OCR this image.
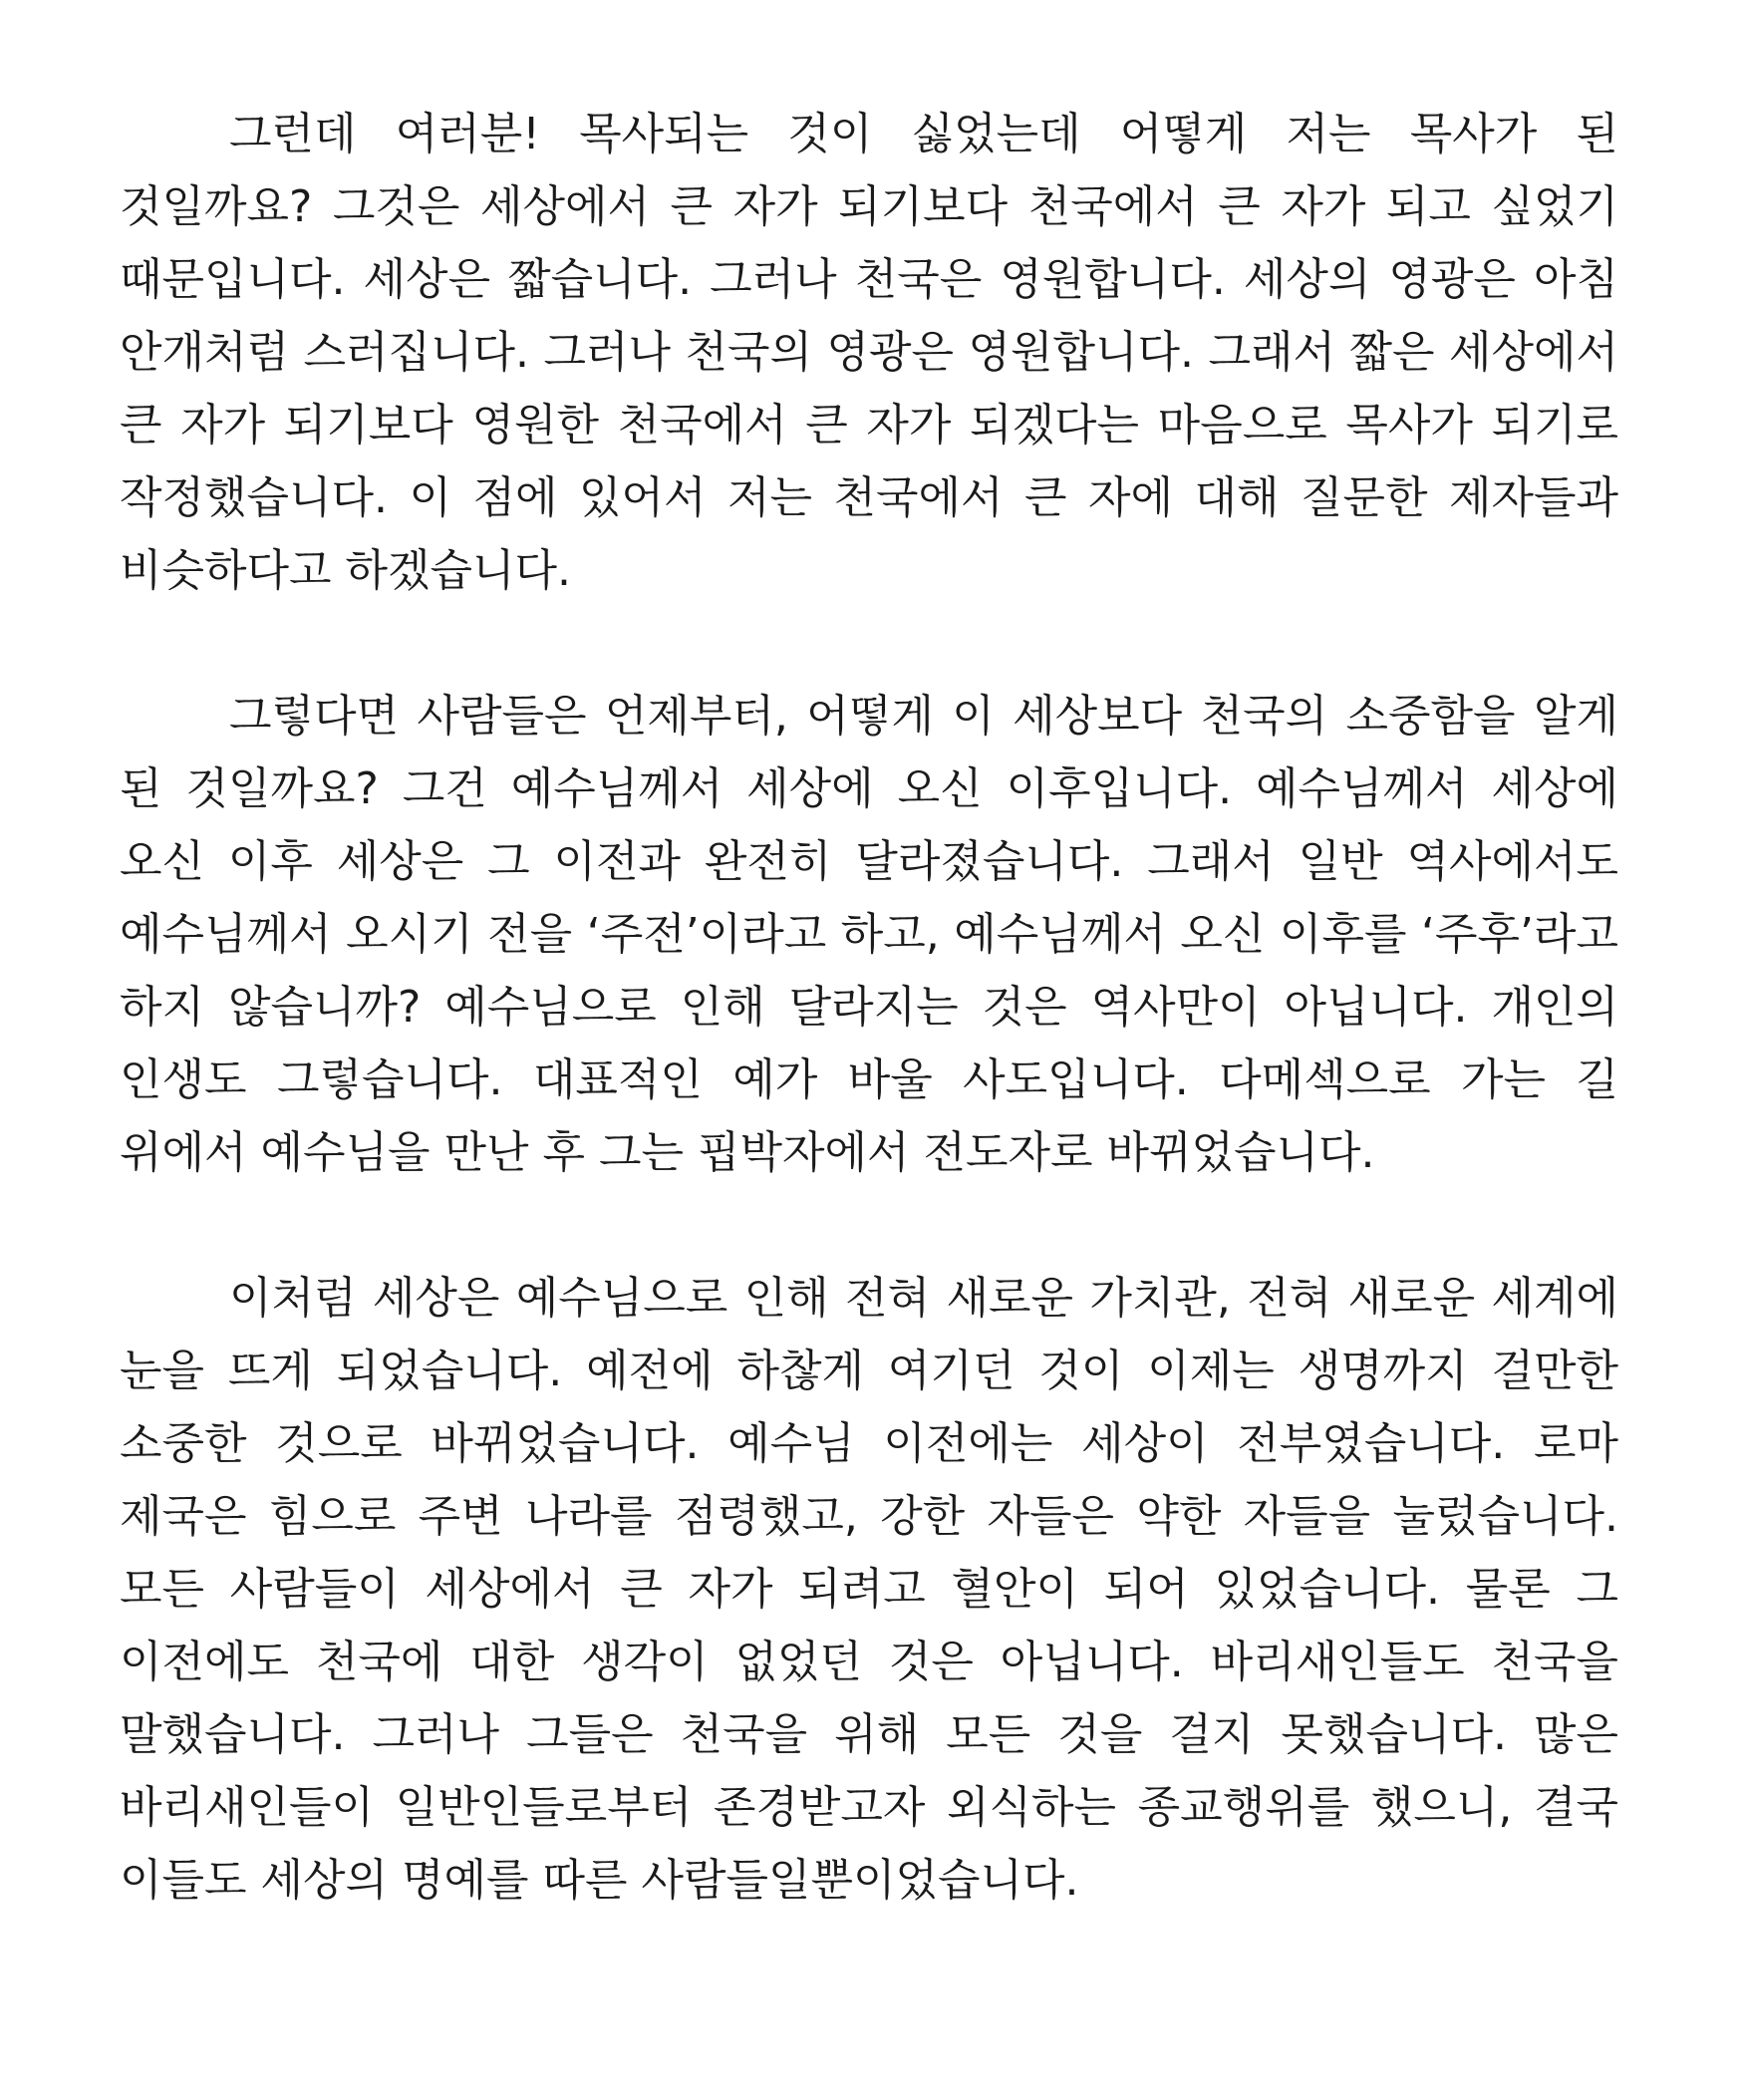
그런데 여러분! 목사되는 것이 싫었는데 어떻게 저는 목사가 된 것일까요? 그것은 세상에서 큰 자가 되기보다 천국에서 큰 자가 되고 싶었기 때문입니다. 세상은 짧습니다. 그러나 천국은 영원합니다. 세상의 영광은 아침 안개처럼 스러집니다. 그러나 천국의 영광은 영원합니다. 그래서 짧은 세상에서 큰 자가 되기보다 영원한 천국에서 큰 자가 되겠다는 마음으로 목사가 되기로 작정했습니다. 이 점에 있어서 저는 천국에서 큰 자에 대해 질문한 제자들과 비슷하다고 하겠습니다.

그렇다면 사람들은 언제부터, 어떻게 이 세상보다 천국의 소중함을 알게 된 것일까요? 그건 예수님께서 세상에 오신 이후입니다. 예수님께서 세상에 오신 이후 세상은 그 이전과 완전히 달라졌습니다. 그래서 일반 역사에서도 예수님께서 오시기 전을 ‘주전’이라고 하고, 예수님께서 오신 이후를 ‘주후’라고 하지 않습니까? 예수님으로 인해 달라지는 것은 역사만이 아닙니다. 개인의 인생도 그렇습니다. 대표적인 예가 바울 사도입니다. 다메섹으로 가는 길 위에서 예수님을 만난 후 그는 핍박자에서 전도자로 바뀌었습니다.

이처럼 세상은 예수님으로 인해 전혀 새로운 가치관, 전혀 새로운 세계에 눈을 뜨게 되었습니다. 예전에 하찮게 여기던 것이 이제는 생명까지 걸만한 소중한 것으로 바뀌었습니다. 예수님 이전에는 세상이 전부였습니다. 로마 제국은 힘으로 주변 나라를 점령했고, 강한 자들은 약한 자들을 눌렀습니다. 모든 사람들이 세상에서 큰 자가 되려고 혈안이 되어 있었습니다. 물론 그 이전에도 천국에 대한 생각이 없었던 것은 아닙니다. 바리새인들도 천국을 말했습니다. 그러나 그들은 천국을 위해 모든 것을 걸지 못했습니다. 많은 바리새인들이 일반인들로부터 존경받고자 외식하는 종교행위를 했으니, 결국 이들도 세상의 명예를 따른 사람들일뿐이었습니다.
